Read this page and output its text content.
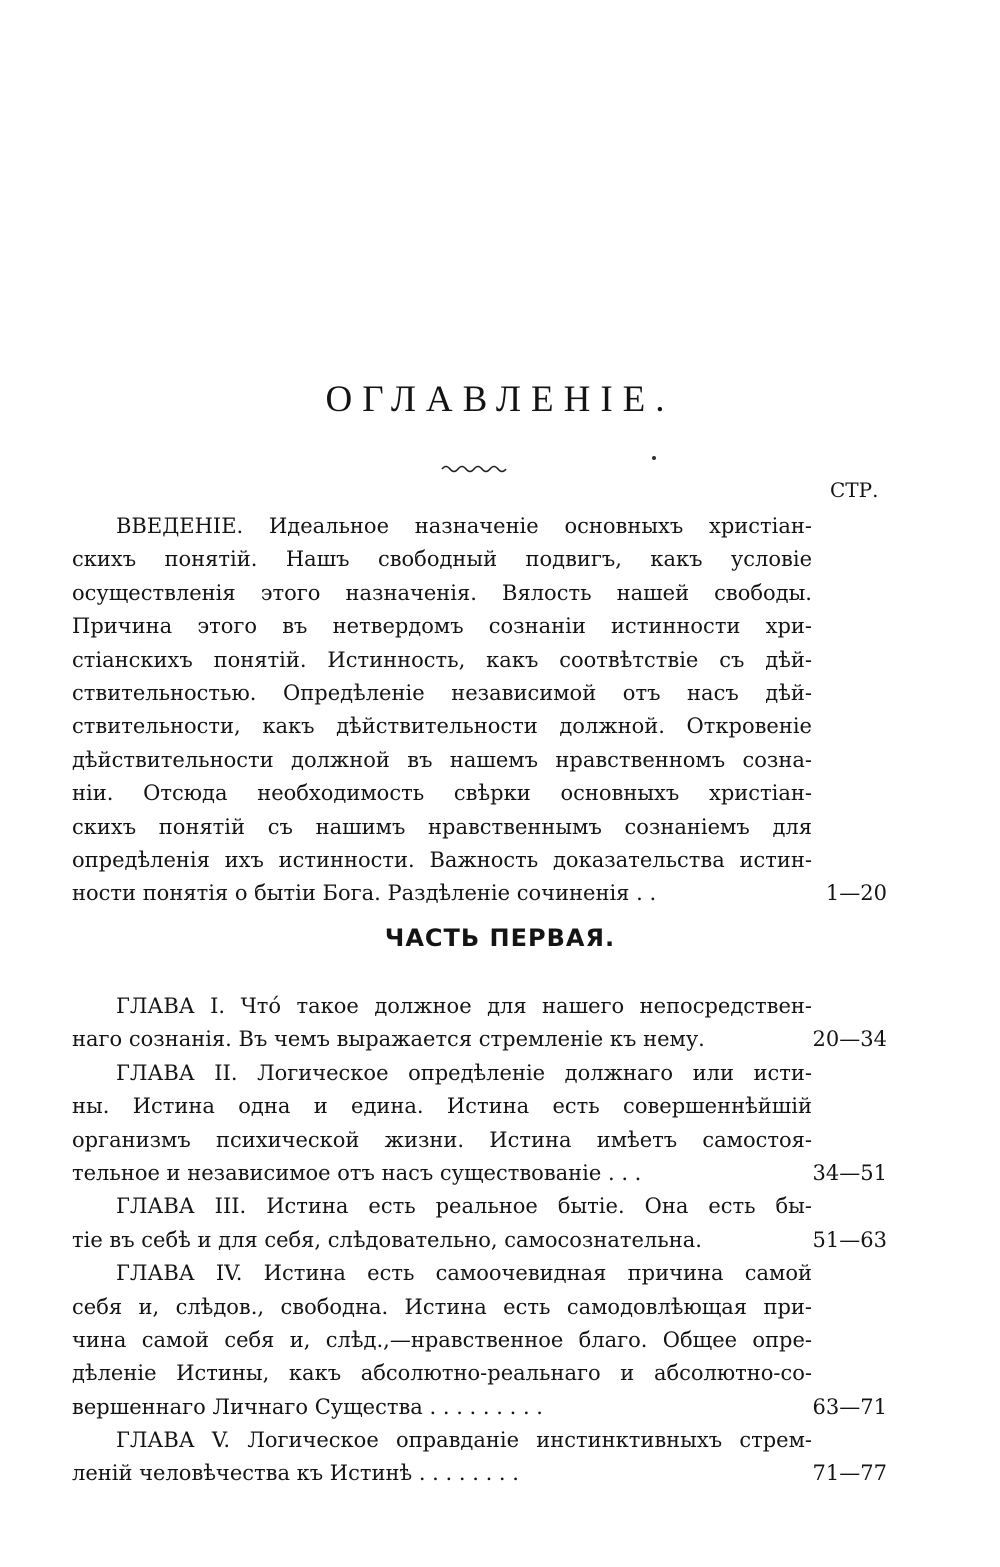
ОГЛАВЛЕНІЕ.
СТР.
ВВЕДЕНІЕ. Идеальное назначеніе основныхъ христіан-
скихъ понятій. Нашъ свободный подвигъ, какъ условіе
осуществленія этого назначенія. Вялость нашей свободы.
Причина этого въ нетвердомъ сознаніи истинности хри-
стіанскихъ понятій. Истинность, какъ соотвѣтствіе съ дѣй-
ствительностью. Опредѣленіе независимой отъ насъ дѣй-
ствительности, какъ дѣйствительности должной. Откровеніе
дѣйствительности должной въ нашемъ нравственномъ созна-
ніи. Отсюда необходимость свѣрки основныхъ христіан-
скихъ понятій съ нашимъ нравственнымъ сознаніемъ для
опредѣленія ихъ истинности. Важность доказательства истин-
ности понятія о бытіи Бога. Раздѣленіе сочиненія . .	1—20
ЧАСТЬ ПЕРВАЯ.
ГЛАВА I. Чтó такое должное для нашего непосредствен-
наго сознанія. Въ чемъ выражается стремленіе къ нему.	20—34
ГЛАВА II. Логическое опредѣленіе должнаго или исти-
ны. Истина одна и едина. Истина есть совершеннѣйшій
организмъ психической жизни. Истина имѣетъ самостоя-
тельное и независимое отъ насъ существованіе . . .	34—51
ГЛАВА III. Истина есть реальное бытіе. Она есть бы-
тіе въ себѣ и для себя, слѣдовательно, самосознательна.	51—63
ГЛАВА IV. Истина есть самоочевидная причина самой
себя и, слѣдов., свободна. Истина есть самодовлѣющая при-
чина самой себя и, слѣд.,—нравственное благо. Общее опре-
дѣленіе Истины, какъ абсолютно-реальнаго и абсолютно-со-
вершеннаго Личнаго Существа . . . . . . . . .	63—71
ГЛАВА V. Логическое оправданіе инстинктивныхъ стрем-
леній человѣчества къ Истинѣ . . . . . . . .	71—77
